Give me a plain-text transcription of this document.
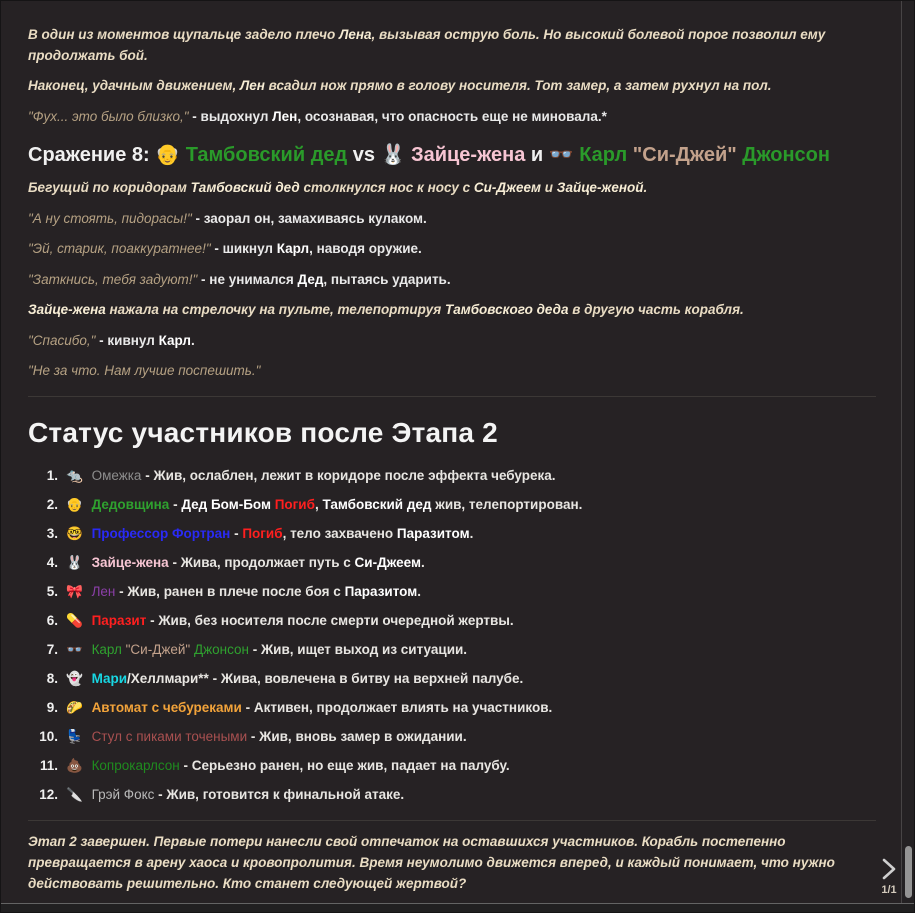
В один из моментов щупальце задело плечо Лена, вызывая острую боль. Но высокий болевой порог позволил ему продолжать бой.

Наконец, удачным движением, Лен всадил нож прямо в голову носителя. Тот замер, а затем рухнул на пол.

"Фух... это было близко," - выдохнул Лен, осознавая, что опасность еще не миновала.*

Сражение 8: 👴 Тамбовский дед vs 🐰 Зайце-жена и 👓 Карл "Си-Джей" Джонсон

Бегущий по коридорам Тамбовский дед столкнулся нос к носу с Си-Джеем и Зайце-женой.

"А ну стоять, пидорасы!" - заорал он, замахиваясь кулаком.

"Эй, старик, поаккуратнее!" - шикнул Карл, наводя оружие.

"Заткнись, тебя задуют!" - не унимался Дед, пытаясь ударить.

Зайце-жена нажала на стрелочку на пульте, телепортируя Тамбовского деда в другую часть корабля.

"Спасибо," - кивнул Карл.

"Не за что. Нам лучше поспешить."

Статус участников после Этапа 2
1. 🐀 Омежка - Жив, ослаблен, лежит в коридоре после эффекта чебурека.
2. 👴 Дедовщина - Дед Бом-Бом Погиб, Тамбовский дед жив, телепортирован.
3. 🤓 Профессор Фортран - Погиб, тело захвачено Паразитом.
4. 🐰 Зайце-жена - Жива, продолжает путь с Си-Джеем.
5. 🎀 Лен - Жив, ранен в плече после боя с Паразитом.
6. 💊 Паразит - Жив, без носителя после смерти очередной жертвы.
7. 👓 Карл "Си-Джей" Джонсон - Жив, ищет выход из ситуации.
8. 👻 Мари/Хеллмари** - Жива, вовлечена в битву на верхней палубе.
9. 🌮 Автомат с чебуреками - Активен, продолжает влиять на участников.
10. 💺 Стул с пиками точеными - Жив, вновь замер в ожидании.
11. 💩 Копрокарлсон - Серьезно ранен, но еще жив, падает на палубу.
12. 🔪 Грэй Фокс - Жив, готовится к финальной атаке.

Этап 2 завершен. Первые потери нанесли свой отпечаток на оставшихся участников. Корабль постепенно превращается в арену хаоса и кровопролития. Время неумолимо движется вперед, и каждый понимает, что нужно действовать решительно. Кто станет следующей жертвой?	1/1
